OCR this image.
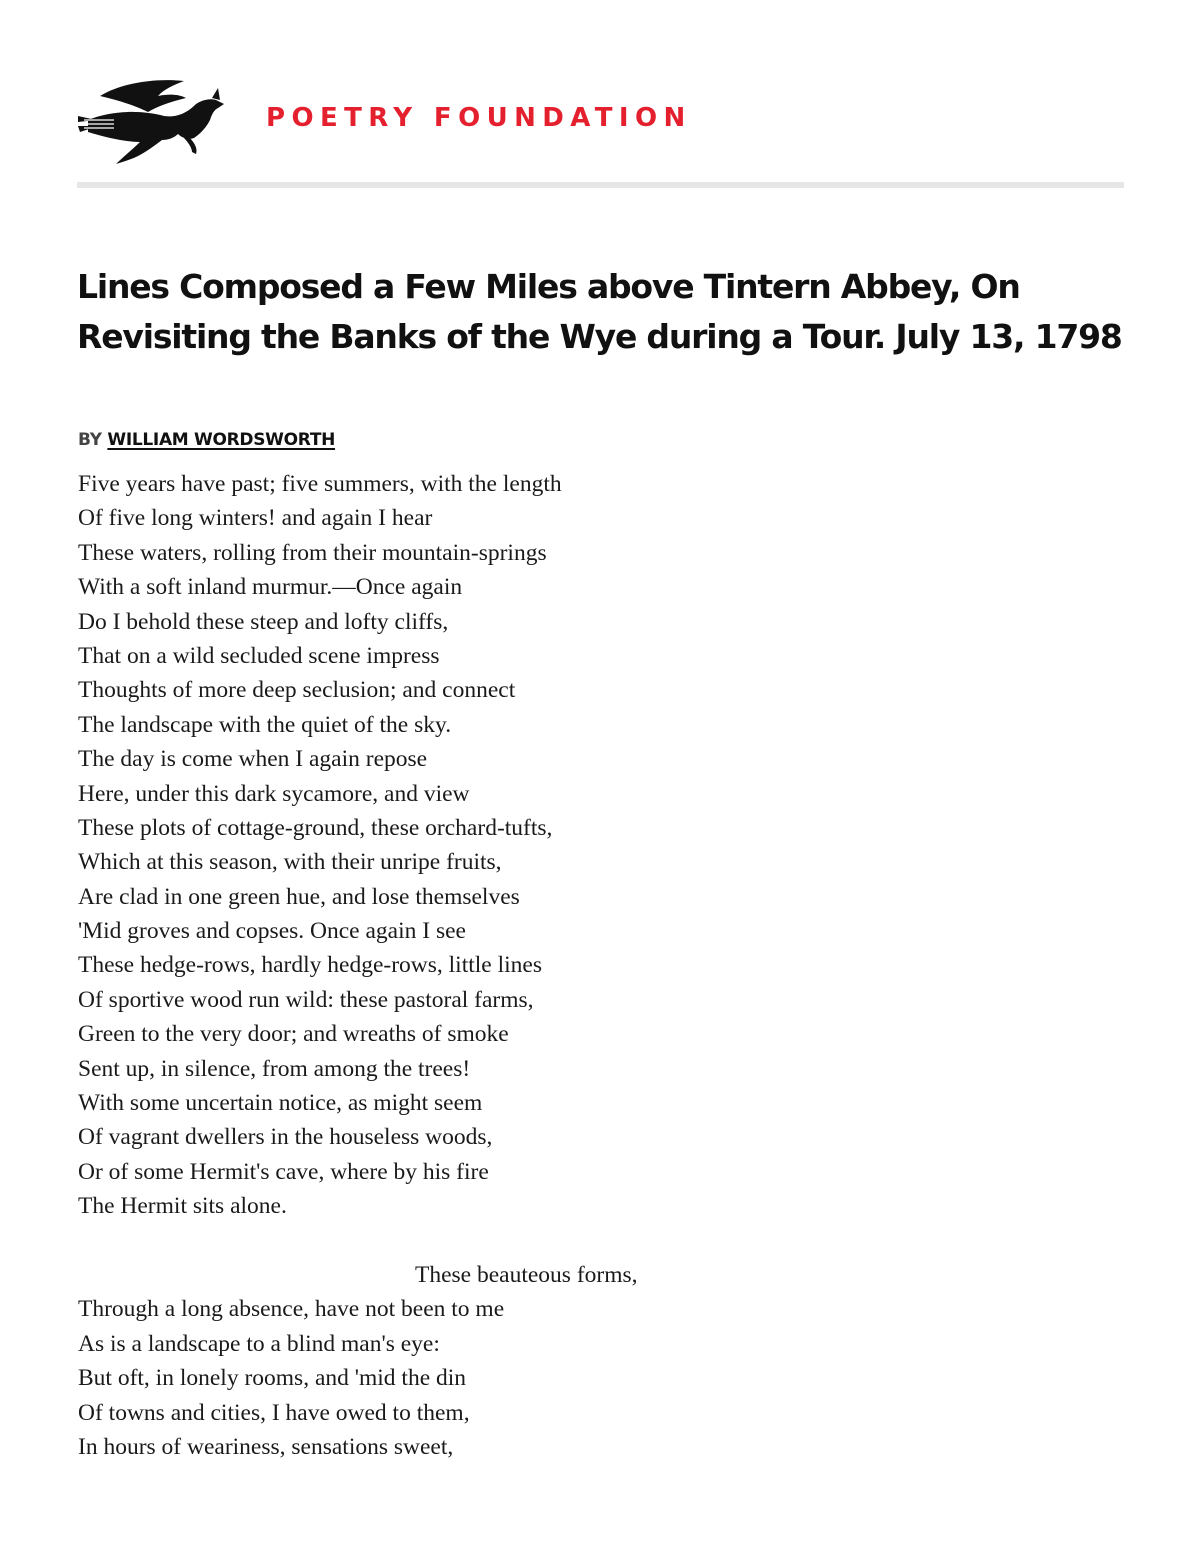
POETRY FOUNDATION
Lines Composed a Few Miles above Tintern Abbey, On Revisiting the Banks of the Wye during a Tour. July 13, 1798
BY WILLIAM WORDSWORTH
Five years have past; five summers, with the length
Of five long winters! and again I hear
These waters, rolling from their mountain-springs
With a soft inland murmur.—Once again
Do I behold these steep and lofty cliffs,
That on a wild secluded scene impress
Thoughts of more deep seclusion; and connect
The landscape with the quiet of the sky.
The day is come when I again repose
Here, under this dark sycamore, and view
These plots of cottage-ground, these orchard-tufts,
Which at this season, with their unripe fruits,
Are clad in one green hue, and lose themselves
'Mid groves and copses. Once again I see
These hedge-rows, hardly hedge-rows, little lines
Of sportive wood run wild: these pastoral farms,
Green to the very door; and wreaths of smoke
Sent up, in silence, from among the trees!
With some uncertain notice, as might seem
Of vagrant dwellers in the houseless woods,
Or of some Hermit's cave, where by his fire
The Hermit sits alone.
These beauteous forms,
Through a long absence, have not been to me
As is a landscape to a blind man's eye:
But oft, in lonely rooms, and 'mid the din
Of towns and cities, I have owed to them,
In hours of weariness, sensations sweet,
